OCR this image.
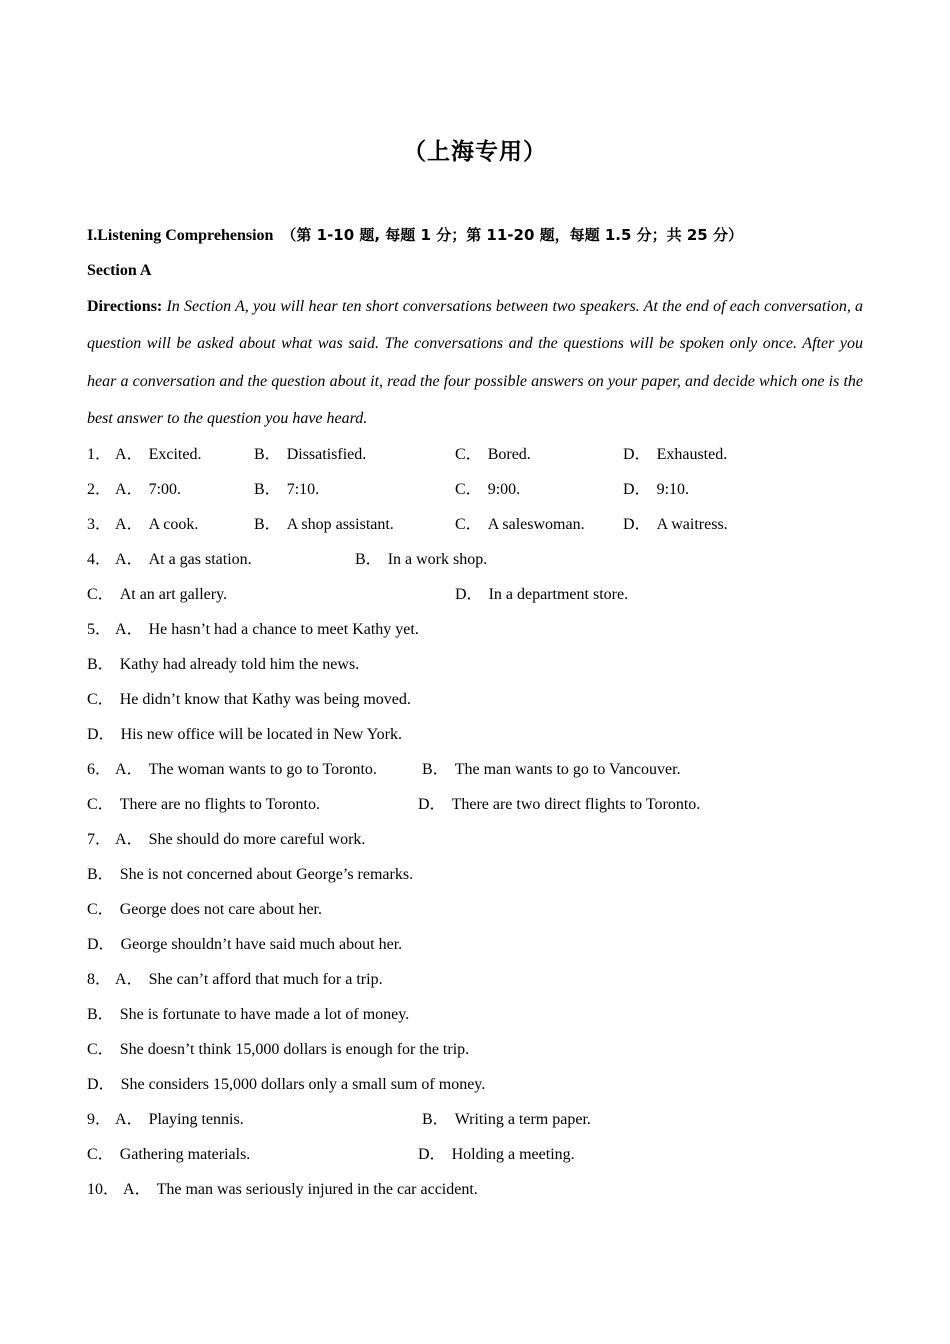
（上海专用）
I.Listening Comprehension （第 1-10 题, 每题 1 分；第 11-20 题，每题 1.5 分；共 25 分）
Section A
Directions: In Section A, you will hear ten short conversations between two speakers. At the end of each conversation, a question will be asked about what was said. The conversations and the questions will be spoken only once. After you hear a conversation and the question about it, read the four possible answers on your paper, and decide which one is the best answer to the question you have heard.
1． A． Excited.	B． Dissatisfied.	C． Bored.	D． Exhausted.
2． A． 7:00.	B． 7:10.	C． 9:00.	D． 9:10.
3． A． A cook.	B． A shop assistant.	C． A saleswoman. D． A waitress.
4． A． At a gas station.	B． In a work shop.
C． At an art gallery.	D． In a department store.
5． A． He hasn’t had a chance to meet Kathy yet.
B． Kathy had already told him the news.
C． He didn’t know that Kathy was being moved.
D． His new office will be located in New York.
6． A． The woman wants to go to Toronto.	B． The man wants to go to Vancouver.
C． There are no flights to Toronto.	D． There are two direct flights to Toronto.
7． A． She should do more careful work.
B． She is not concerned about George’s remarks.
C． George does not care about her.
D． George shouldn’t have said much about her.
8． A． She can’t afford that much for a trip.
B． She is fortunate to have made a lot of money.
C． She doesn’t think 15,000 dollars is enough for the trip.
D． She considers 15,000 dollars only a small sum of money.
9． A． Playing tennis.	B． Writing a term paper.
C． Gathering materials.	D． Holding a meeting.
10． A． The man was seriously injured in the car accident.
